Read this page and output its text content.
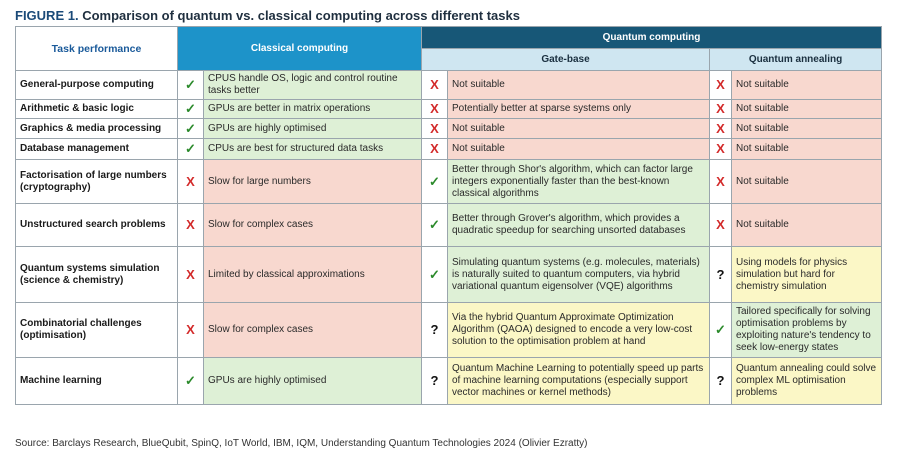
FIGURE 1. Comparison of quantum vs. classical computing across different tasks
Task performance	Classical computing		Quantum computing			
			Gate-base		Quantum annealing	
General-purpose computing	✓	CPUS handle OS, logic and control routine tasks better	X	Not suitable	X	Not suitable
Arithmetic & basic logic	✓	GPUs are better in matrix operations	X	Potentially better at sparse systems only	X	Not suitable
Graphics & media processing	✓	GPUs are highly optimised	X	Not suitable	X	Not suitable
Database management	✓	CPUs are best for structured data tasks	X	Not suitable	X	Not suitable
Factorisation of large numbers (cryptography)	X	Slow for large numbers	✓	Better through Shor's algorithm, which can factor large integers exponentially faster than the best-known classical algorithms	X	Not suitable
Unstructured search problems	X	Slow for complex cases	✓	Better through Grover's algorithm, which provides a quadratic speedup for searching unsorted databases	X	Not suitable
Quantum systems simulation (science & chemistry)	X	Limited by classical approximations	✓	Simulating quantum systems (e.g. molecules, materials) is naturally suited to quantum computers, via hybrid variational quantum eigensolver (VQE) algorithms	?	Using models for physics simulation but hard for chemistry simulation
Combinatorial challenges (optimisation)	X	Slow for complex cases	?	Via the hybrid Quantum Approximate Optimization Algorithm (QAOA) designed to encode a very low-cost solution to the optimisation problem at hand	✓	Tailored specifically for solving optimisation problems by exploiting nature's tendency to seek low-energy states
Machine learning	✓	GPUs are highly optimised	?	Quantum Machine Learning to potentially speed up parts of machine learning computations (especially support vector machines or kernel methods)	?	Quantum annealing could solve complex ML optimisation problems
Source: Barclays Research, BlueQubit, SpinQ, IoT World, IBM, IQM, Understanding Quantum Technologies 2024 (Olivier Ezratty)
